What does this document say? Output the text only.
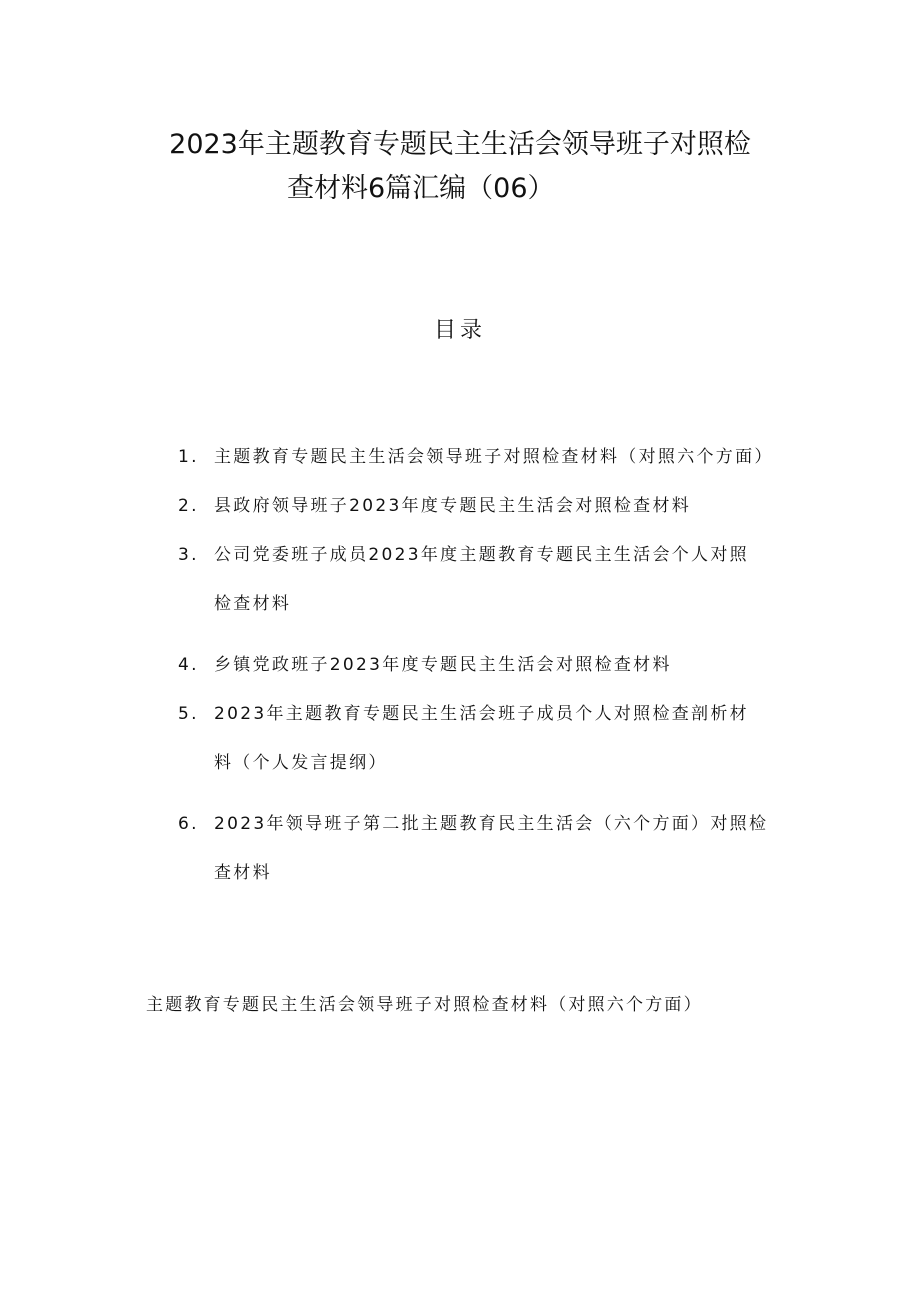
2023年主题教育专题民主生活会领导班子对照检
查材料6篇汇编（06）
目录
1. 主题教育专题民主生活会领导班子对照检查材料（对照六个方面）
2. 县政府领导班子2023年度专题民主生活会对照检查材料
3. 公司党委班子成员2023年度主题教育专题民主生活会个人对照
检查材料
4. 乡镇党政班子2023年度专题民主生活会对照检查材料
5. 2023年主题教育专题民主生活会班子成员个人对照检查剖析材
料（个人发言提纲）
6. 2023年领导班子第二批主题教育民主生活会（六个方面）对照检
查材料
主题教育专题民主生活会领导班子对照检查材料（对照六个方面）
